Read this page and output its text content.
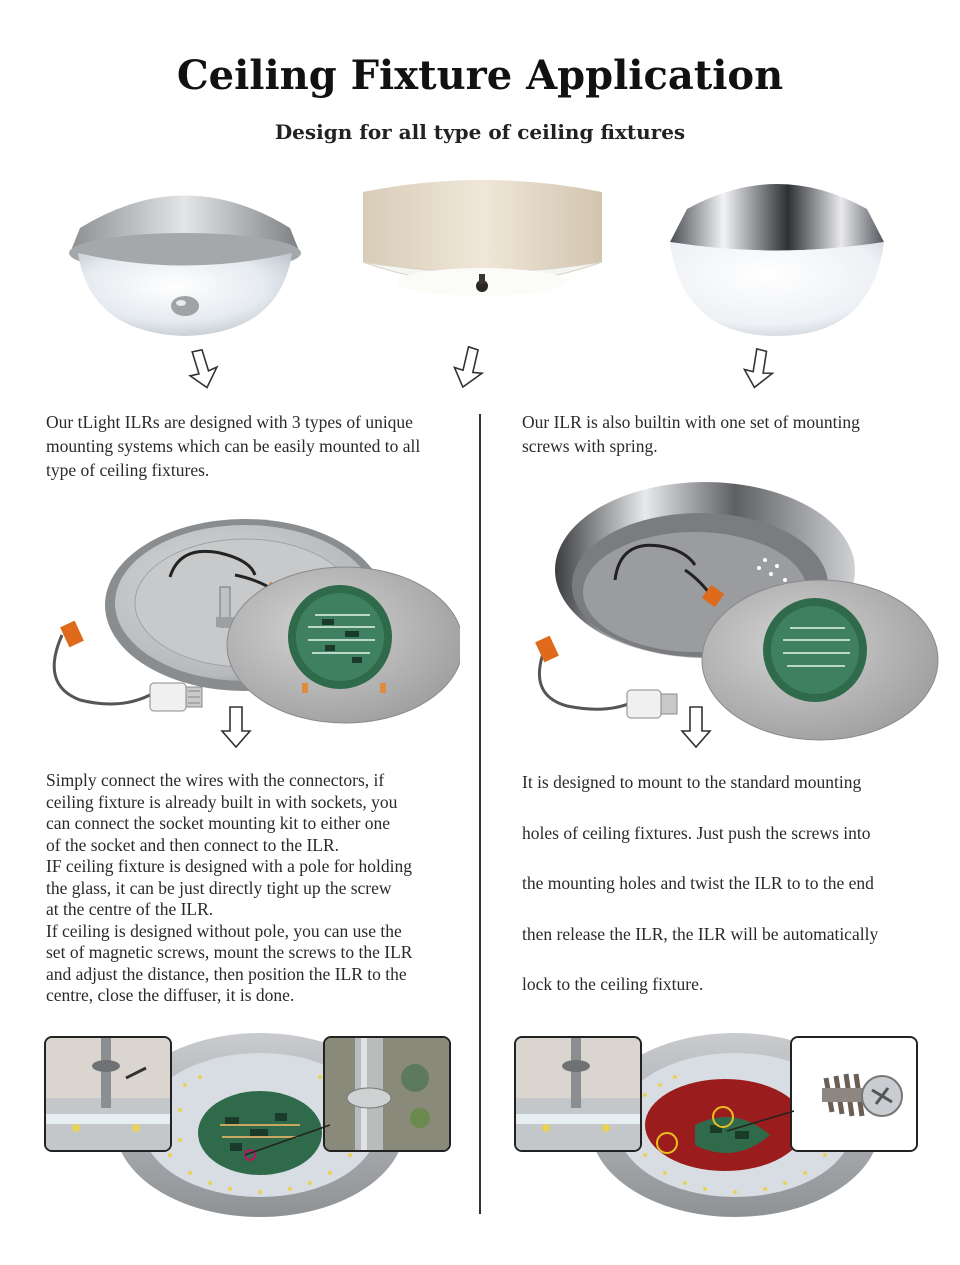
Ceiling Fixture Application
Design for all type of ceiling fixtures

Our tLight ILRs are designed with 3 types of unique

mounting systems which can be easily mounted to all

type of ceiling fixtures.

Our ILR is also builtin with one set of mounting

screws with spring.

Simply connect the wires with the connectors, if

ceiling fixture is already built in with sockets, you

can connect the socket mounting kit to either one

of the socket and then connect to the ILR.

IF ceiling fixture is designed with a pole for holding

the glass, it can be just directly tight up the screw

at the centre of the ILR.

If ceiling is designed without pole, you can use the

set of magnetic screws, mount the screws to the ILR

and adjust the distance, then position the ILR to the

centre, close the diffuser, it is done.

It is designed to mount to the standard mounting

holes of ceiling fixtures. Just push the screws into

the mounting holes and twist the ILR to to the end

then release the ILR, the ILR will be automatically

lock to the ceiling fixture.
